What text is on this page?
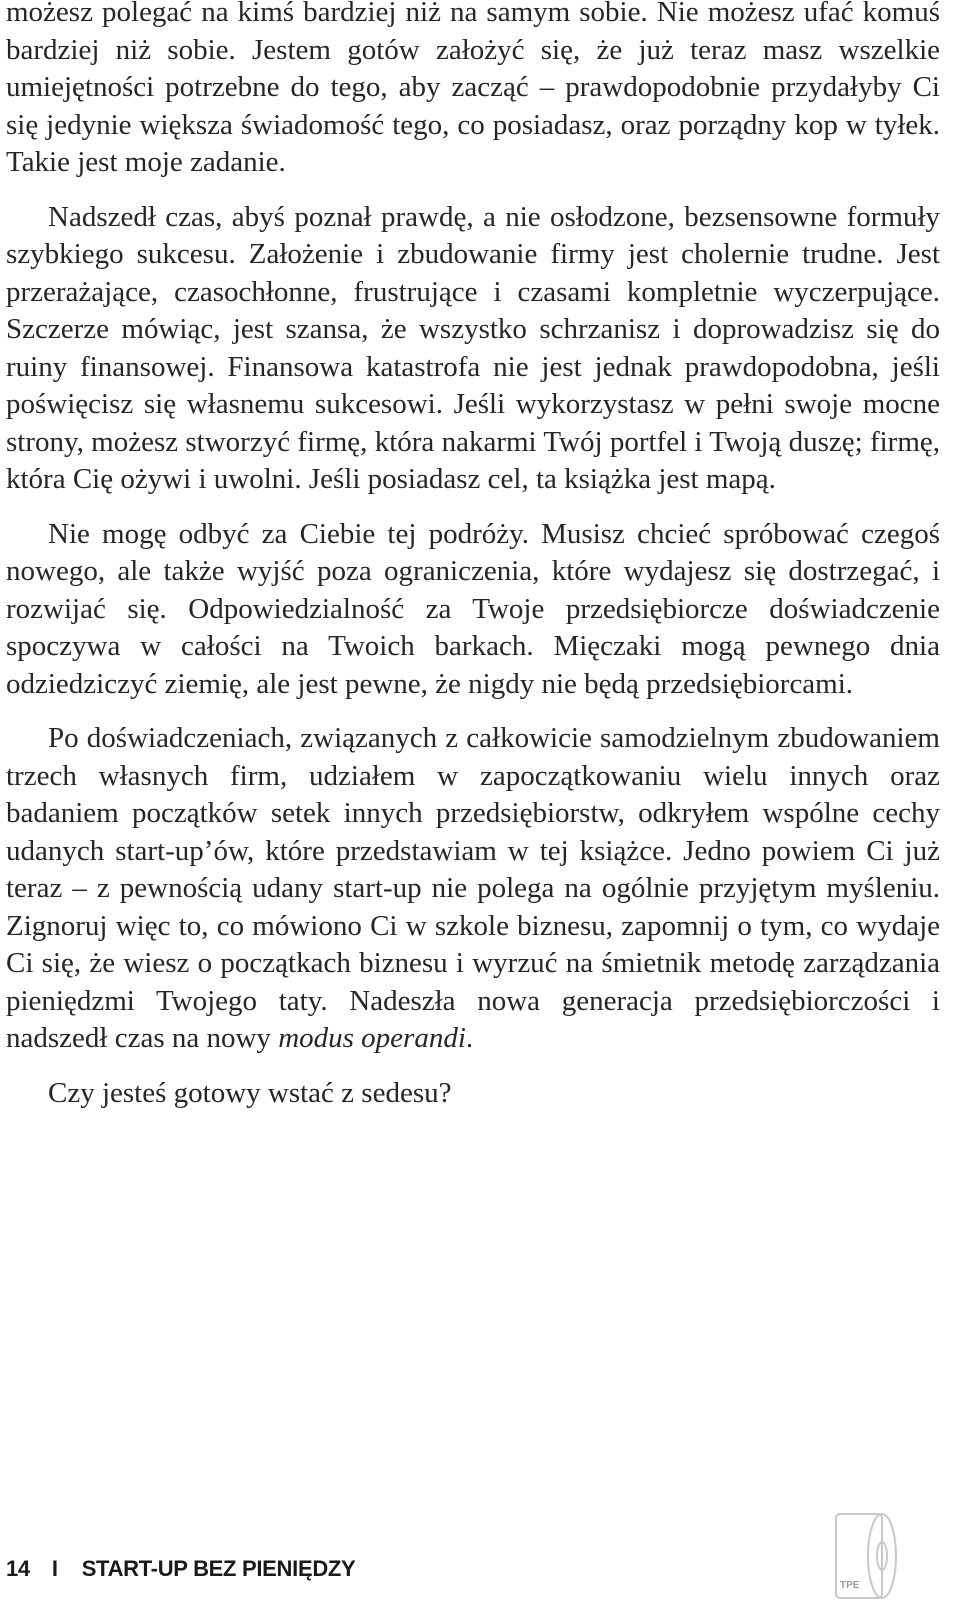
możesz polegać na kimś bardziej niż na samym sobie. Nie możesz ufać komuś bardziej niż sobie. Jestem gotów założyć się, że już teraz masz wszelkie umiejętności potrzebne do tego, aby zacząć – prawdopodobnie przydałyby Ci się jedynie większa świadomość tego, co posiadasz, oraz porządny kop w tyłek. Takie jest moje zadanie.

Nadszedł czas, abyś poznał prawdę, a nie osłodzone, bezsensowne formuły szybkiego sukcesu. Założenie i zbudowanie firmy jest cholernie trudne. Jest przerażające, czasochłonne, frustrujące i czasami kompletnie wyczerpujące. Szczerze mówiąc, jest szansa, że wszystko schrzanisz i doprowadzisz się do ruiny finansowej. Finansowa katastrofa nie jest jednak prawdopodobna, jeśli poświęcisz się własnemu sukcesowi. Jeśli wykorzystasz w pełni swoje mocne strony, możesz stworzyć firmę, która nakarmi Twój portfel i Twoją duszę; firmę, która Cię ożywi i uwolni. Jeśli posiadasz cel, ta książka jest mapą.

Nie mogę odbyć za Ciebie tej podróży. Musisz chcieć spróbować czegoś nowego, ale także wyjść poza ograniczenia, które wydajesz się dostrzegać, i rozwijać się. Odpowiedzialność za Twoje przedsiębiorcze doświadczenie spoczywa w całości na Twoich barkach. Mięczaki mogą pewnego dnia odziedziczyć ziemię, ale jest pewne, że nigdy nie będą przedsiębiorcami.

Po doświadczeniach, związanych z całkowicie samodzielnym zbudowaniem trzech własnych firm, udziałem w zapoczątkowaniu wielu innych oraz badaniem początków setek innych przedsiębiorstw, odkryłem wspólne cechy udanych start-up’ów, które przedstawiam w tej książce. Jedno powiem Ci już teraz – z pewnością udany start-up nie polega na ogólnie przyjętym myśleniu. Zignoruj więc to, co mówiono Ci w szkole biznesu, zapomnij o tym, co wydaje Ci się, że wiesz o początkach biznesu i wyrzuć na śmietnik metodę zarządzania pieniędzmi Twojego taty. Nadeszła nowa generacja przedsiębiorczości i nadszedł czas na nowy modus operandi.

Czy jesteś gotowy wstać z sedesu?

14 I START-UP BEZ PIENIĘDZY
TPE
